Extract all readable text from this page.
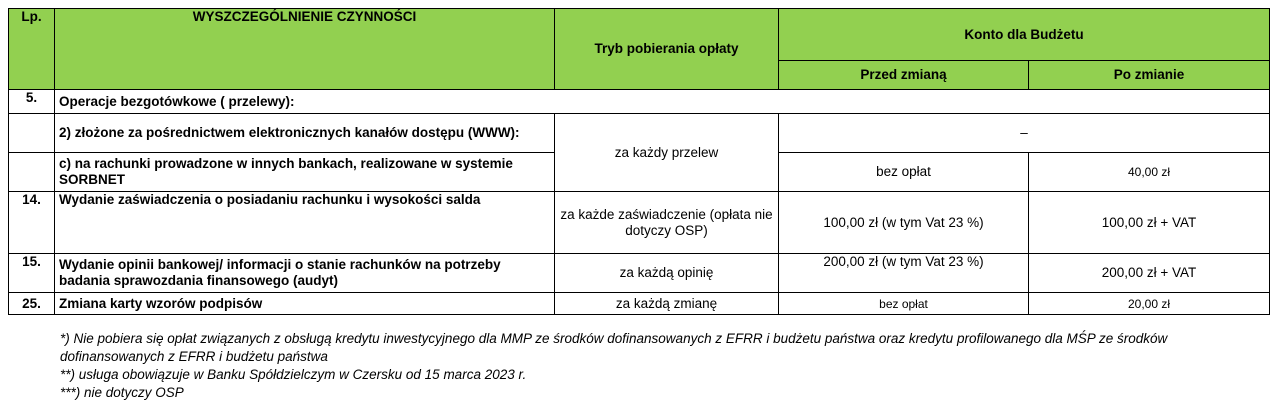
Lp.	WYSZCZEGÓLNIENIE CZYNNOŚCI	Tryb pobierania opłaty	Konto dla Budżetu	
			Przed zmianą	Po zmianie
5.	Operacje bezgotówkowe ( przelewy):			
	2) złożone za pośrednictwem elektronicznych kanałów dostępu (WWW):	za każdy przelew	–	
	c) na rachunki prowadzone w innych bankach, realizowane w systemie SORBNET		bez opłat	40,00 zł
14.	Wydanie zaświadczenia o posiadaniu rachunku i wysokości salda	za każde zaświadczenie (opłata nie dotyczy OSP)	100,00 zł (w tym Vat 23 %)	100,00 zł + VAT
15.	Wydanie opinii bankowej/ informacji o stanie rachunków na potrzeby badania sprawozdania finansowego (audyt)	za każdą opinię	200,00 zł (w tym Vat 23 %)	200,00 zł + VAT
25.	Zmiana karty wzorów podpisów	za każdą zmianę	bez opłat	20,00 zł
*) Nie pobiera się opłat związanych z obsługą kredytu inwestycyjnego dla MMP ze środków dofinansowanych z EFRR i budżetu państwa oraz kredytu profilowanego dla MŚP ze środków dofinansowanych z EFRR i budżetu państwa
**) usługa obowiązuje w Banku Spółdzielczym w Czersku od 15 marca 2023 r.
***) nie dotyczy OSP
